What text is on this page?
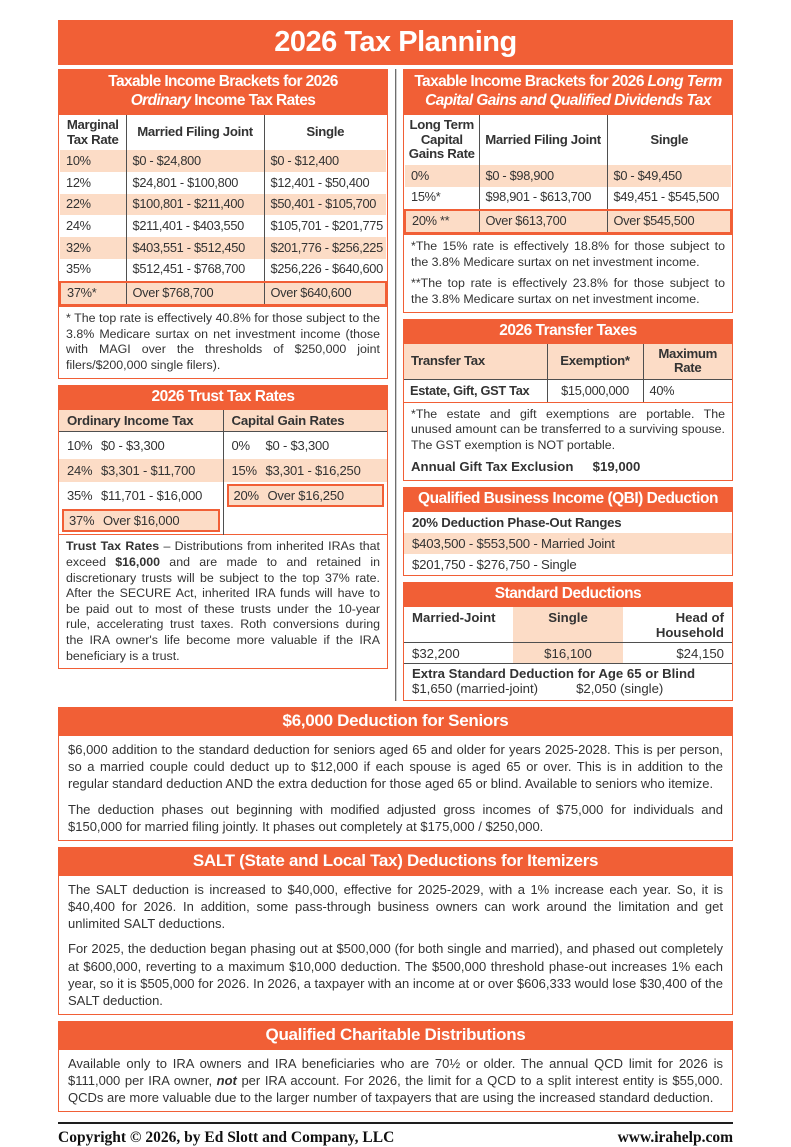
2026 Tax Planning
Taxable Income Brackets for 2026
Ordinary Income Tax Rates
Marginal Tax Rate	Married Filing Joint	Single
10%	$0 - $24,800	$0 - $12,400
12%	$24,801 - $100,800	$12,401 - $50,400
22%	$100,801 - $211,400	$50,401 - $105,700
24%	$211,401 - $403,550	$105,701 - $201,775
32%	$403,551 - $512,450	$201,776 - $256,225
35%	$512,451 - $768,700	$256,226 - $640,600
37%*	Over $768,700	Over $640,600
* The top rate is effectively 40.8% for those subject to the 3.8% Medicare surtax on net investment income (those with MAGI over the thresholds of $250,000 joint filers/$200,000 single filers).
2026 Trust Tax Rates
Ordinary Income Tax
10% $0 - $3,300
24% $3,301 - $11,700
35% $11,701 - $16,000
37% Over $16,000
Capital Gain Rates
0% $0 - $3,300
15% $3,301 - $16,250
20% Over $16,250
Trust Tax Rates – Distributions from inherited IRAs that exceed $16,000 and are made to and retained in discretionary trusts will be subject to the top 37% rate. After the SECURE Act, inherited IRA funds will have to be paid out to most of these trusts under the 10-year rule, accelerating trust taxes. Roth conversions during the IRA owner's life become more valuable if the IRA beneficiary is a trust.
Taxable Income Brackets for 2026 Long Term
Capital Gains and Qualified Dividends Tax
Long Term Capital Gains Rate	Married Filing Joint	Single
0%	$0 - $98,900	$0 - $49,450
15%*	$98,901 - $613,700	$49,451 - $545,500
20% **	Over $613,700	Over $545,500

*The 15% rate is effectively 18.8% for those subject to the 3.8% Medicare surtax on net investment income.

**The top rate is effectively 23.8% for those subject to the 3.8% Medicare surtax on net investment income.

2026 Transfer Taxes
Transfer Tax	Exemption*	Maximum Rate
Estate, Gift, GST Tax	$15,000,000	40%

*The estate and gift exemptions are portable. The unused amount can be transferred to a surviving spouse. The GST exemption is NOT portable.

Annual Gift Tax Exclusion $19,000
Qualified Business Income (QBI) Deduction
20% Deduction Phase-Out Ranges
$403,500 - $553,500 - Married Joint
$201,750 - $276,750 - Single
Standard Deductions
Married-Joint	Single	Head of Household
$32,200	$16,100	$24,150
Extra Standard Deduction for Age 65 or Blind
$1,650 (married-joint)	$2,050 (single)
$6,000 Deduction for Seniors

$6,000 addition to the standard deduction for seniors aged 65 and older for years 2025-2028. This is per person, so a married couple could deduct up to $12,000 if each spouse is aged 65 or over. This is in addition to the regular standard deduction AND the extra deduction for those aged 65 or blind. Available to seniors who itemize.

The deduction phases out beginning with modified adjusted gross incomes of $75,000 for individuals and $150,000 for married filing jointly. It phases out completely at $175,000 / $250,000.

SALT (State and Local Tax) Deductions for Itemizers

The SALT deduction is increased to $40,000, effective for 2025-2029, with a 1% increase each year. So, it is $40,400 for 2026. In addition, some pass-through business owners can work around the limitation and get unlimited SALT deductions.

For 2025, the deduction began phasing out at $500,000 (for both single and married), and phased out completely at $600,000, reverting to a maximum $10,000 deduction. The $500,000 threshold phase-out increases 1% each year, so it is $505,000 for 2026. In 2026, a taxpayer with an income at or over $606,333 would lose $30,400 of the SALT deduction.

Qualified Charitable Distributions

Available only to IRA owners and IRA beneficiaries who are 70½ or older. The annual QCD limit for 2026 is $111,000 per IRA owner, not per IRA account. For 2026, the limit for a QCD to a split interest entity is $55,000. QCDs are more valuable due to the larger number of taxpayers that are using the increased standard deduction.

Copyright © 2026, by Ed Slott and Company, LLC	www.irahelp.com
